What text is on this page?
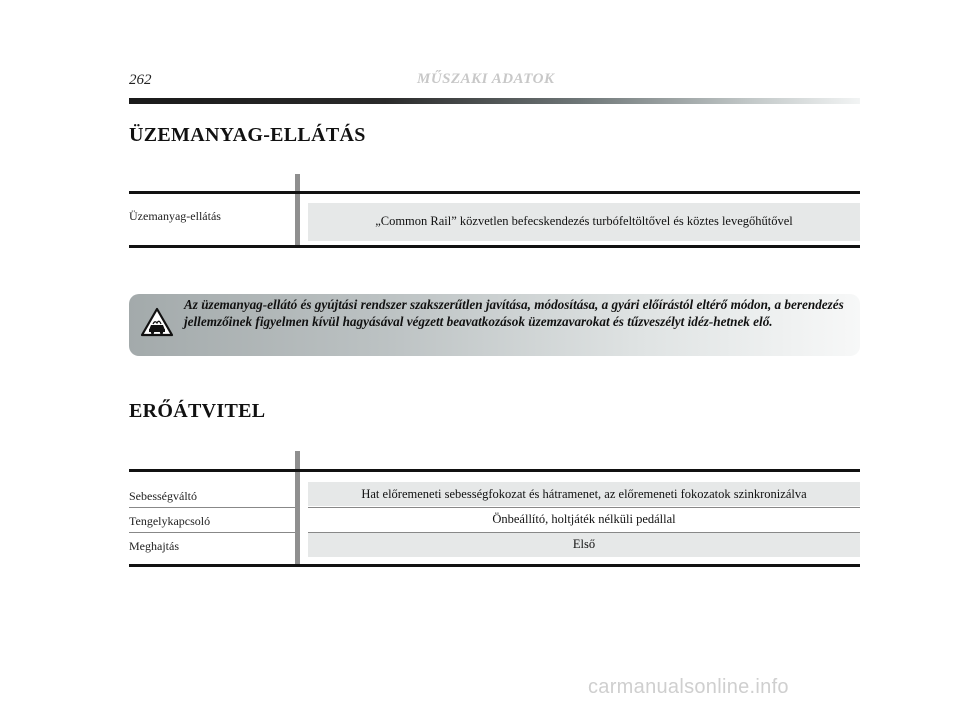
262	MŰSZAKI ADATOK
ÜZEMANYAG-ELLÁTÁS
Üzemanyag-ellátás	„Common Rail” közvetlen befecskendezés turbófeltöltővel és köztes levegőhűtővel
Az üzemanyag-ellátó és gyújtási rendszer szakszerűtlen javítása, módosítása, a gyári előírástól eltérő módon, a berendezés jellemzőinek figyelmen kívül hagyásával végzett beavatkozások üzemzavarokat és tűzveszélyt idéz-hetnek elő.
ERŐÁTVITEL
Sebességváltó	Hat előremeneti sebességfokozat és hátramenet, az előremeneti fokozatok szinkronizálva
Tengelykapcsoló	Önbeállító, holtjáték nélküli pedállal
Meghajtás	Első
carmanualsonline.info
